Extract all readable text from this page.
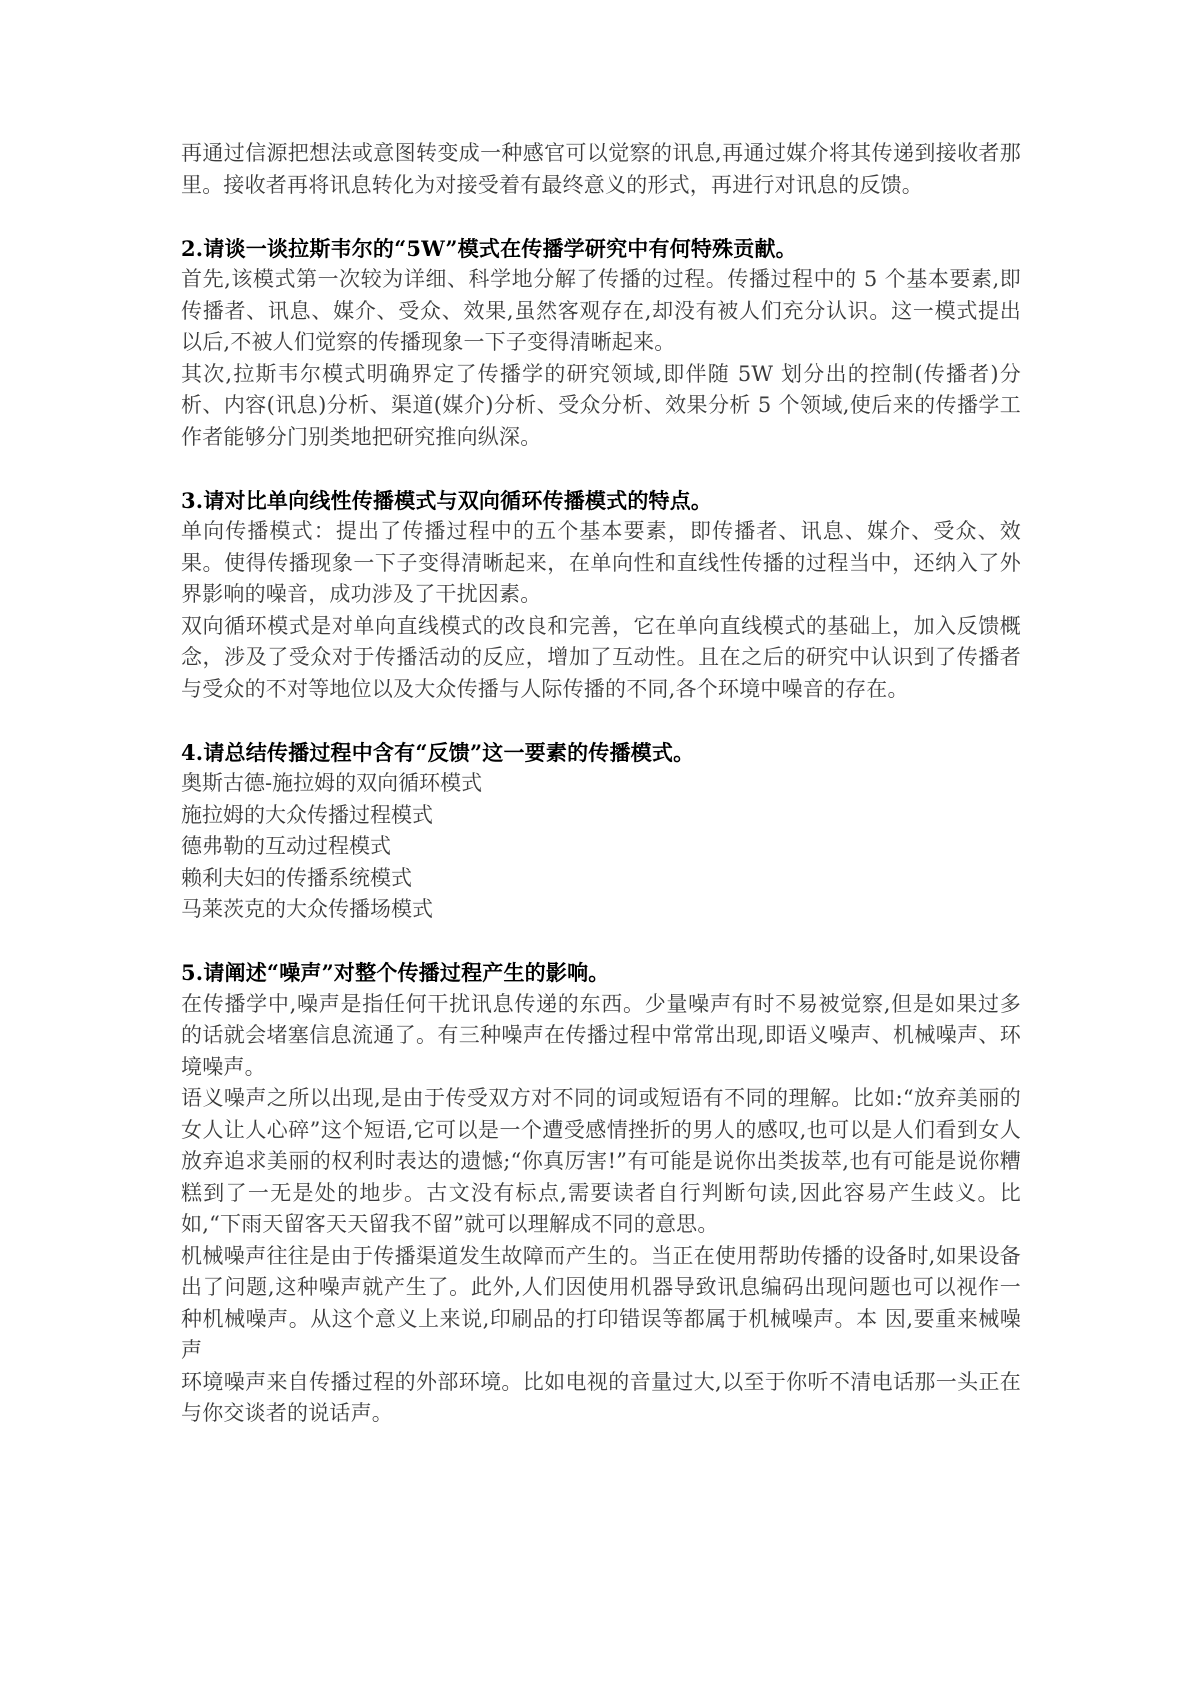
再通过信源把想法或意图转变成一种感官可以觉察的讯息,再通过媒介将其传递到接收者那里。接收者再将讯息转化为对接受着有最终意义的形式，再进行对讯息的反馈。

2.请谈一谈拉斯韦尔的“5W”模式在传播学研究中有何特殊贡献。

首先,该模式第一次较为详细、科学地分解了传播的过程。传播过程中的 5 个基本要素,即传播者、讯息、媒介、受众、效果,虽然客观存在,却没有被人们充分认识。这一模式提出以后,不被人们觉察的传播现象一下子变得清晰起来。

其次,拉斯韦尔模式明确界定了传播学的研究领域,即伴随 5W 划分出的控制(传播者)分析、内容(讯息)分析、渠道(媒介)分析、受众分析、效果分析 5 个领域,使后来的传播学工作者能够分门别类地把研究推向纵深。

3.请对比单向线性传播模式与双向循环传播模式的特点。

单向传播模式：提出了传播过程中的五个基本要素，即传播者、讯息、媒介、受众、效果。使得传播现象一下子变得清晰起来，在单向性和直线性传播的过程当中，还纳入了外界影响的噪音，成功涉及了干扰因素。

双向循环模式是对单向直线模式的改良和完善，它在单向直线模式的基础上，加入反馈概念，涉及了受众对于传播活动的反应，增加了互动性。且在之后的研究中认识到了传播者与受众的不对等地位以及大众传播与人际传播的不同,各个环境中噪音的存在。

4.请总结传播过程中含有“反馈”这一要素的传播模式。

奥斯古德-施拉姆的双向循环模式

施拉姆的大众传播过程模式

德弗勒的互动过程模式

赖利夫妇的传播系统模式

马莱茨克的大众传播场模式

5.请阐述“噪声”对整个传播过程产生的影响。

在传播学中,噪声是指任何干扰讯息传递的东西。少量噪声有时不易被觉察,但是如果过多的话就会堵塞信息流通了。有三种噪声在传播过程中常常出现,即语义噪声、机械噪声、环境噪声。

语义噪声之所以出现,是由于传受双方对不同的词或短语有不同的理解。比如:“放弃美丽的女人让人心碎”这个短语,它可以是一个遭受感情挫折的男人的感叹,也可以是人们看到女人放弃追求美丽的权利时表达的遗憾;“你真厉害!”有可能是说你出类拔萃,也有可能是说你糟糕到了一无是处的地步。古文没有标点,需要读者自行判断句读,因此容易产生歧义。比如,“下雨天留客天天留我不留”就可以理解成不同的意思。

机械噪声往往是由于传播渠道发生故障而产生的。当正在使用帮助传播的设备时,如果设备出了问题,这种噪声就产生了。此外,人们因使用机器导致讯息编码出现问题也可以视作一种机械噪声。从这个意义上来说,印刷品的打印错误等都属于机械噪声。本 因,要重来械噪声

环境噪声来自传播过程的外部环境。比如电视的音量过大,以至于你听不清电话那一头正在与你交谈者的说话声。
